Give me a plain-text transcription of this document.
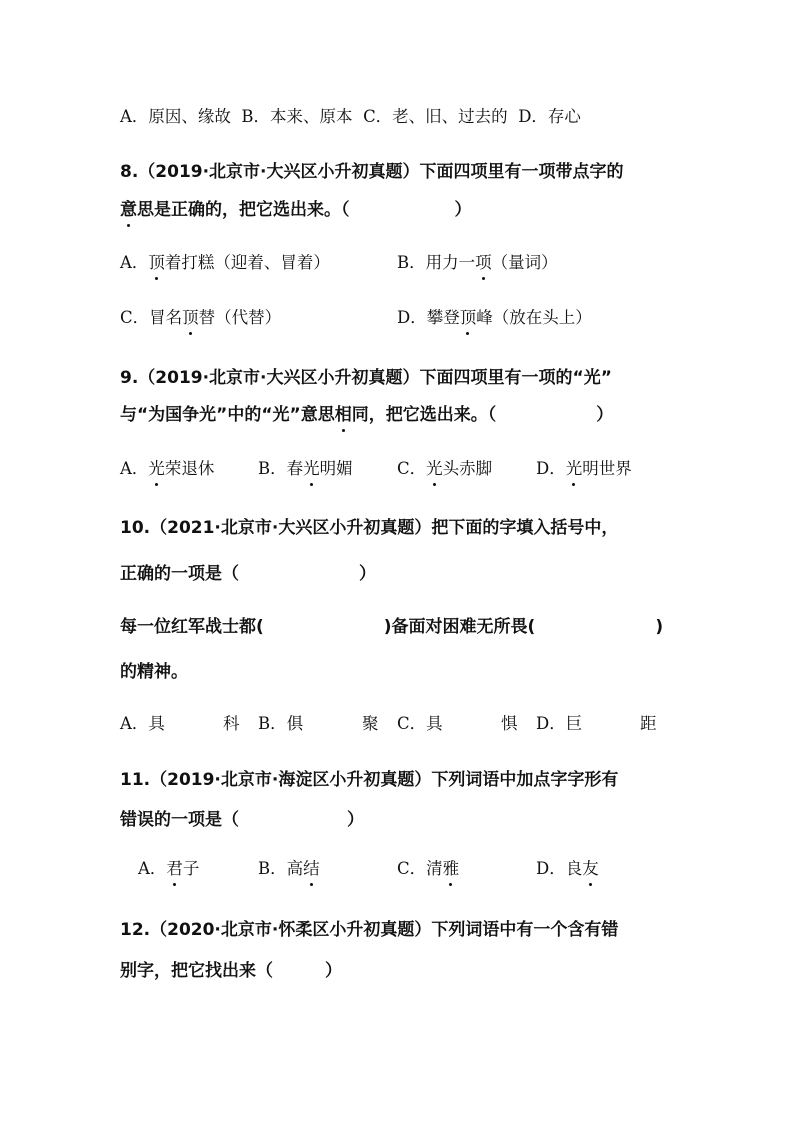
A．原因、缘故 B．本来、原本 C．老、旧、过去的 D．存心
8.（2019·北京市·大兴区小升初真题）下面四项里有一项带点字的
意思是正确的，把它选出来。（	）
A．顶着打糕（迎着、冒着）	B．用力一项（量词）
C．冒名顶替（代替）	D．攀登顶峰（放在头上）
9.（2019·北京市·大兴区小升初真题）下面四项里有一项的“光”
与“为国争光”中的“光”意思相同，把它选出来。（	）
A．光荣退休	B．春光明媚	C．光头赤脚	D．光明世界
10.（2021·北京市·大兴区小升初真题）把下面的字填入括号中，
正确的一项是（	）
每一位红军战士都(	)备面对困难无所畏(	)
的精神。
A．具	科 B．俱	聚 C．具	惧 D．巨	距
11.（2019·北京市·海淀区小升初真题）下列词语中加点字字形有
错误的一项是（	）
A．君子	B．高结	C．清雅	D．良友
12.（2020·北京市·怀柔区小升初真题）下列词语中有一个含有错
别字，把它找出来（	）
